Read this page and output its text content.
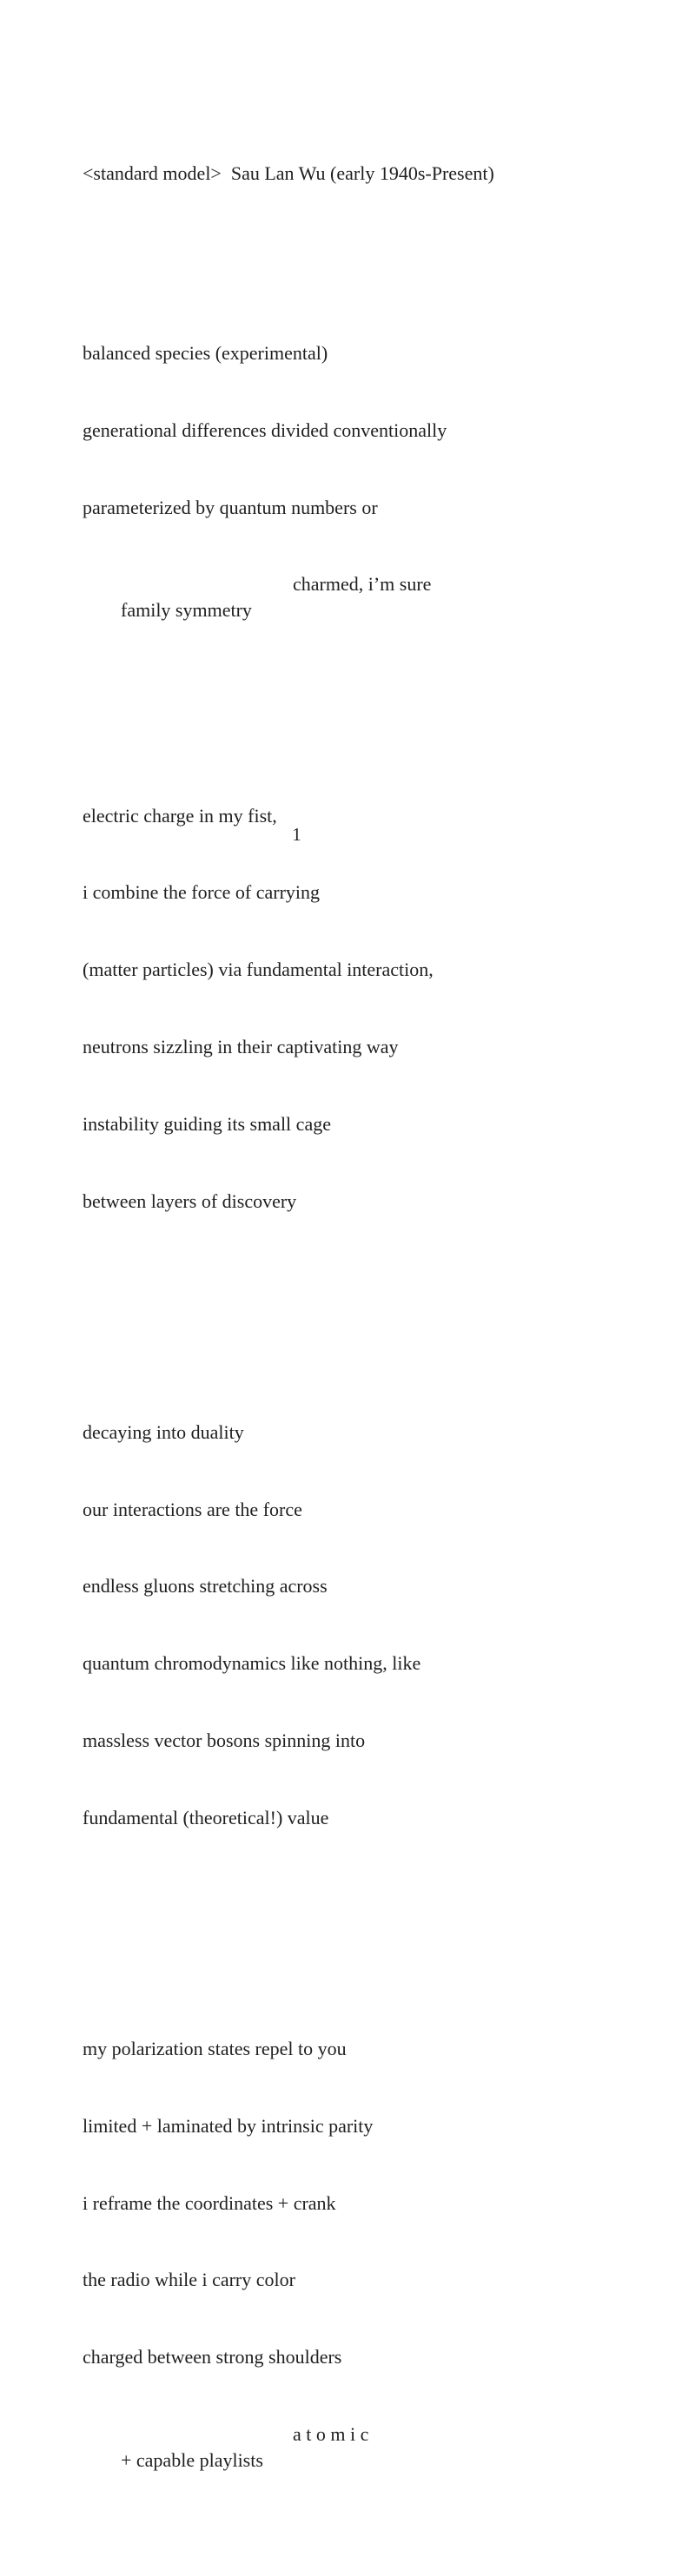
<standard model>  Sau Lan Wu (early 1940s-Present)

balanced species (experimental)

generational differences divided conventionally

parameterized by quantum numbers or

family symmetry

charmed, i’m sure

electric charge in my fist,

i combine the force of carrying

(matter particles) via fundamental interaction,

neutrons sizzling in their captivating way

instability guiding its small cage

between layers of discovery

decaying into duality

our interactions are the force

endless gluons stretching across

quantum chromodynamics like nothing, like

massless vector bosons spinning into

fundamental (theoretical!) value

my polarization states repel to you

limited + laminated by intrinsic parity

i reframe the coordinates + crank

the radio while i carry color

charged between strong shoulders

+ capable playlists

a t o m i c

1
